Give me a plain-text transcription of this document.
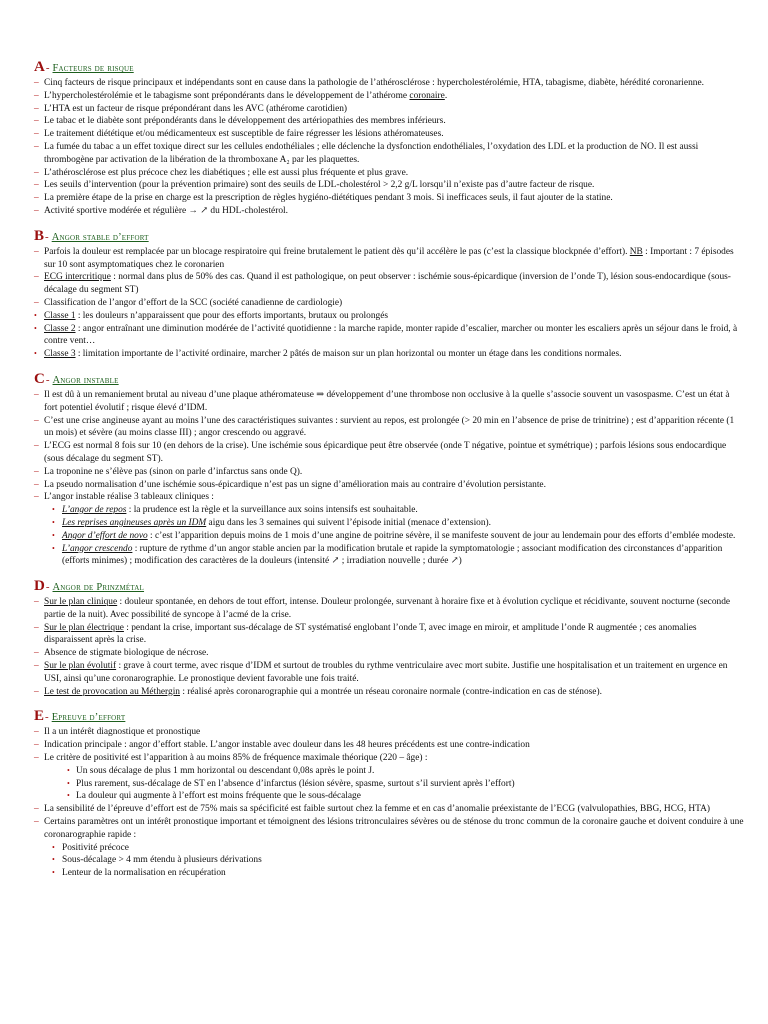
A - Facteurs de risque
– Cinq facteurs de risque principaux et indépendants sont en cause dans la pathologie de l’athérosclérose : hypercholestérolémie, HTA, tabagisme, diabète, hérédité coronarienne.
– L’hypercholestérolémie et le tabagisme sont prépondérants dans le développement de l’athérome coronaire.
– L’HTA est un facteur de risque prépondérant dans les AVC (athérome carotidien)
– Le tabac et le diabète sont prépondérants dans le développement des artériopathies des membres inférieurs.
– Le traitement diététique et/ou médicamenteux est susceptible de faire régresser les lésions athéromateuses.
– La fumée du tabac a un effet toxique direct sur les cellules endothéliales ; elle déclenche la dysfonction endothéliales, l’oxydation des LDL et la production de NO. Il est aussi thrombogène par activation de la libération de la thromboxane A₂ par les plaquettes.
– L’athérosclérose est plus précoce chez les diabétiques ; elle est aussi plus fréquente et plus grave.
– Les seuils d’intervention (pour la prévention primaire) sont des seuils de LDL-cholestérol > 2,2 g/L lorsqu’il n’existe pas d’autre facteur de risque.
– La première étape de la prise en charge est la prescription de règles hygiéno-diététiques pendant 3 mois. Si inefficaces seuls, il faut ajouter de la statine.
– Activité sportive modérée et régulière → ↗ du HDL-cholestérol.
B - Angor stable d’effort
– Parfois la douleur est remplacée par un blocage respiratoire qui freine brutalement le patient dès qu’il accélère le pas (c’est la classique blockpnée d’effort). NB : Important : 7 épisodes sur 10 sont asymptomatiques chez le coronarien
– ECG intercritique : normal dans plus de 50% des cas. Quand il est pathologique, on peut observer : ischémie sous-épicardique (inversion de l’onde T), lésion sous-endocardique (sous-décalage du segment ST)
– Classification de l’angor d’effort de la SCC (société canadienne de cardiologie)
• Classe 1 : les douleurs n’apparaissent que pour des efforts importants, brutaux ou prolongés
• Classe 2 : angor entraînant une diminution modérée de l’activité quotidienne : la marche rapide, monter rapide d’escalier, marcher ou monter les escaliers après un séjour dans le froid, à contre vent…
• Classe 3 : limitation importante de l’activité ordinaire, marcher 2 pâtés de maison sur un plan horizontal ou monter un étage dans les conditions normales.
C - Angor instable
– Il est dû à un remaniement brutal au niveau d’une plaque athéromateuse ⇒ développement d’une thrombose non occlusive à la quelle s’associe souvent un vasospasme. C’est un état à fort potentiel évolutif ; risque élevé d’IDM.
– C’est une crise angineuse ayant au moins l’une des caractéristiques suivantes : survient au repos, est prolongée (> 20 min en l’absence de prise de trinitrine) ; est d’apparition récente (1 un mois) et sévère (au moins classe III) ; angor crescendo ou aggravé.
– L’ECG est normal 8 fois sur 10 (en dehors de la crise). Une ischémie sous épicardique peut être observée (onde T négative, pointue et symétrique) ; parfois lésions sous endocardique (sous décalage du segment ST).
– La troponine ne s’élève pas (sinon on parle d’infarctus sans onde Q).
– La pseudo normalisation d’une ischémie sous-épicardique n’est pas un signe d’amélioration mais au contraire d’évolution persistante.
– L’angor instable réalise 3 tableaux cliniques :
• L’angor de repos : la prudence est la règle et la surveillance aux soins intensifs est souhaitable.
• Les reprises angineuses après un IDM aigu dans les 3 semaines qui suivent l’épisode initial (menace d’extension).
• Angor d’effort de novo : c’est l’apparition depuis moins de 1 mois d’une angine de poitrine sévère, il se manifeste souvent de jour au lendemain pour des efforts d’emblée modeste.
• L’angor crescendo : rupture de rythme d’un angor stable ancien par la modification brutale et rapide la symptomatologie ; associant modification des circonstances d’apparition (efforts minimes) ; modification des caractères de la douleurs (intensité ↗ ; irradiation nouvelle ; durée ↗)
D - Angor de Prinzmétal
– Sur le plan clinique : douleur spontanée, en dehors de tout effort, intense. Douleur prolongée, survenant à horaire fixe et à évolution cyclique et récidivante, souvent nocturne (seconde partie de la nuit). Avec possibilité de syncope à l’acmé de la crise.
– Sur le plan électrique : pendant la crise, important sus-décalage de ST systématisé englobant l’onde T, avec image en miroir, et amplitude l’onde R augmentée ; ces anomalies disparaissent après la crise.
– Absence de stigmate biologique de nécrose.
– Sur le plan évolutif : grave à court terme, avec risque d’IDM et surtout de troubles du rythme ventriculaire avec mort subite. Justifie une hospitalisation et un traitement en urgence en USI, ainsi qu’une coronarographie. Le pronostique devient favorable une fois traité.
– Le test de provocation au Méthergin : réalisé après coronarographie qui a montrée un réseau coronaire normale (contre-indication en cas de sténose).
E - Epreuve d’effort
– Il a un intérêt diagnostique et pronostique
– Indication principale : angor d’effort stable. L’angor instable avec douleur dans les 48 heures précédents est une contre-indication
– Le critère de positivité est l’apparition à au moins 85% de fréquence maximale théorique (220 – âge) :
• Un sous décalage de plus 1 mm horizontal ou descendant 0,08s après le point J.
• Plus rarement, sus-décalage de ST en l’absence d’infarctus (lésion sévère, spasme, surtout s’il survient après l’effort)
• La douleur qui augmente à l’effort est moins fréquente que le sous-décalage
– La sensibilité de l’épreuve d’effort est de 75% mais sa spécificité est faible surtout chez la femme et en cas d’anomalie préexistante de l’ECG (valvulopathies, BBG, HCG, HTA)
– Certains paramètres ont un intérêt pronostique important et témoignent des lésions tritronculaires sévères ou de sténose du tronc commun de la coronaire gauche et doivent conduire à une coronarographie rapide :
• Positivité précoce
• Sous-décalage > 4 mm étendu à plusieurs dérivations
• Lenteur de la normalisation en récupération
